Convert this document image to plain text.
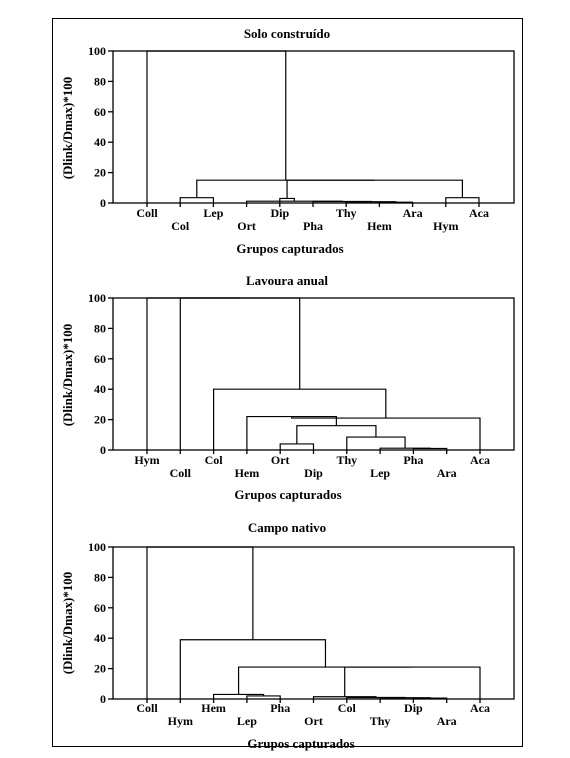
Solo construído
(Dlink/Dmax)*100
0
20
40
60
80
100
Coll
Col
Lep
Ort
Dip
Pha
Thy
Hem
Ara
Hym
Aca
Grupos capturados
Lavoura anual
(Dlink/Dmax)*100
0
20
40
60
80
100
Hym
Coll
Col
Hem
Ort
Dip
Thy
Lep
Pha
Ara
Aca
Grupos capturados
Campo nativo
(Dlink/Dmax)*100
0
20
40
60
80
100
Coll
Hym
Hem
Lep
Pha
Ort
Col
Thy
Dip
Ara
Aca
Grupos capturados
